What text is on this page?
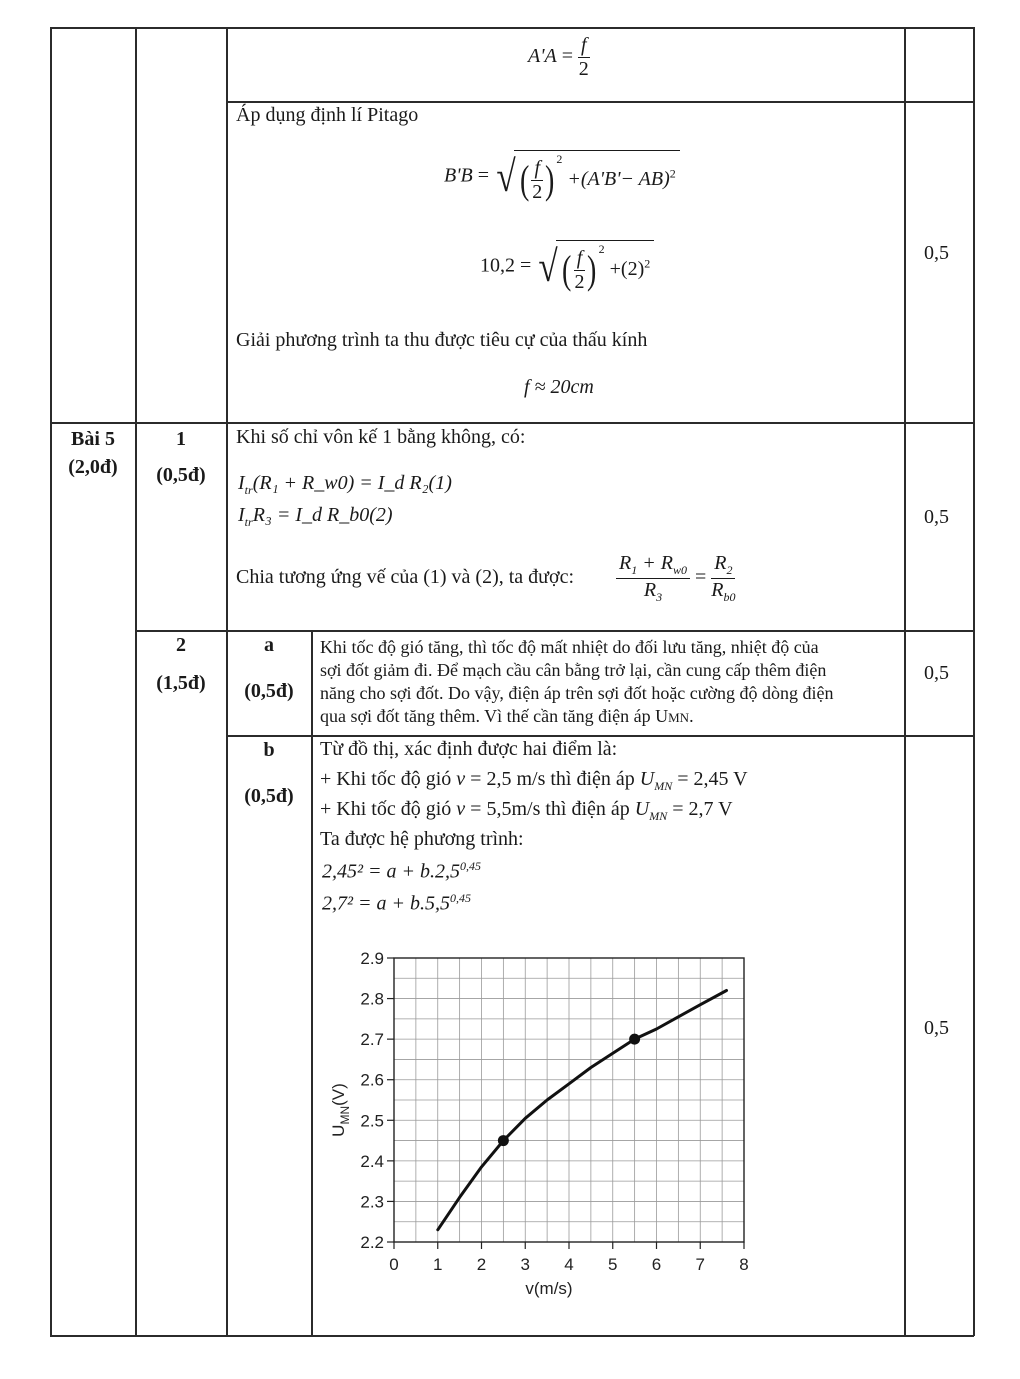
$A'A = \frac{f}{2}$
Áp dụng định lí Pitago
B'B = √ ( $\frac{f}{2}$ ) $^2$ +(A'B'− AB)$^2$
10,2 = √ ( $\frac{f}{2}$ ) $^2 +(2)^2$
Giải phương trình ta thu được tiêu cự của thấu kính
f ≈ 20cm
0,5
Bài 5
(2,0đ)
1
(0,5đ)
Khi số chỉ vôn kế 1 bằng không, có:
$I_{tr}(R_1$ + R_w0) = I_d R₂(1)
$I_{tr}R_3$ = I_d R_b0(2)
Chia tương ứng vế của (1) và (2), ta được: $\frac{R_1 + R_{w0}}{R_3} = \frac{R_2}{R_{b0}}$
0,5
2
(1,5đ)
a
(0,5đ)
Khi tốc độ gió tăng, thì tốc độ mất nhiệt do đối lưu tăng, nhiệt độ của
sợi đốt giảm đi. Để mạch cầu cân bằng trở lại, cần cung cấp thêm điện
năng cho sợi đốt. Do vậy, điện áp trên sợi đốt hoặc cường độ dòng điện
qua sợi đốt tăng thêm. Vì thế cần tăng điện áp UMN.
0,5
b
(0,5đ)
Từ đồ thị, xác định được hai điểm là:
+ Khi tốc độ gió v = 2,5 m/s thì điện áp $U_{MN} = 2,45$ V
+ Khi tốc độ gió v = 5,5m/s thì điện áp $U_{MN} = 2,7$ V
Ta được hệ phương trình:
$2,45^2 = a + b.2,5^{0,45}$
$2,7^2 = a + b.5,5^{0,45}$
0,5
0 1 2 3 4 5 6 7 8
2.2
2.3
2.4
2.5
2.6
2.7
2.8
2.9
v(m/s)
$U_{MN}(V)$
